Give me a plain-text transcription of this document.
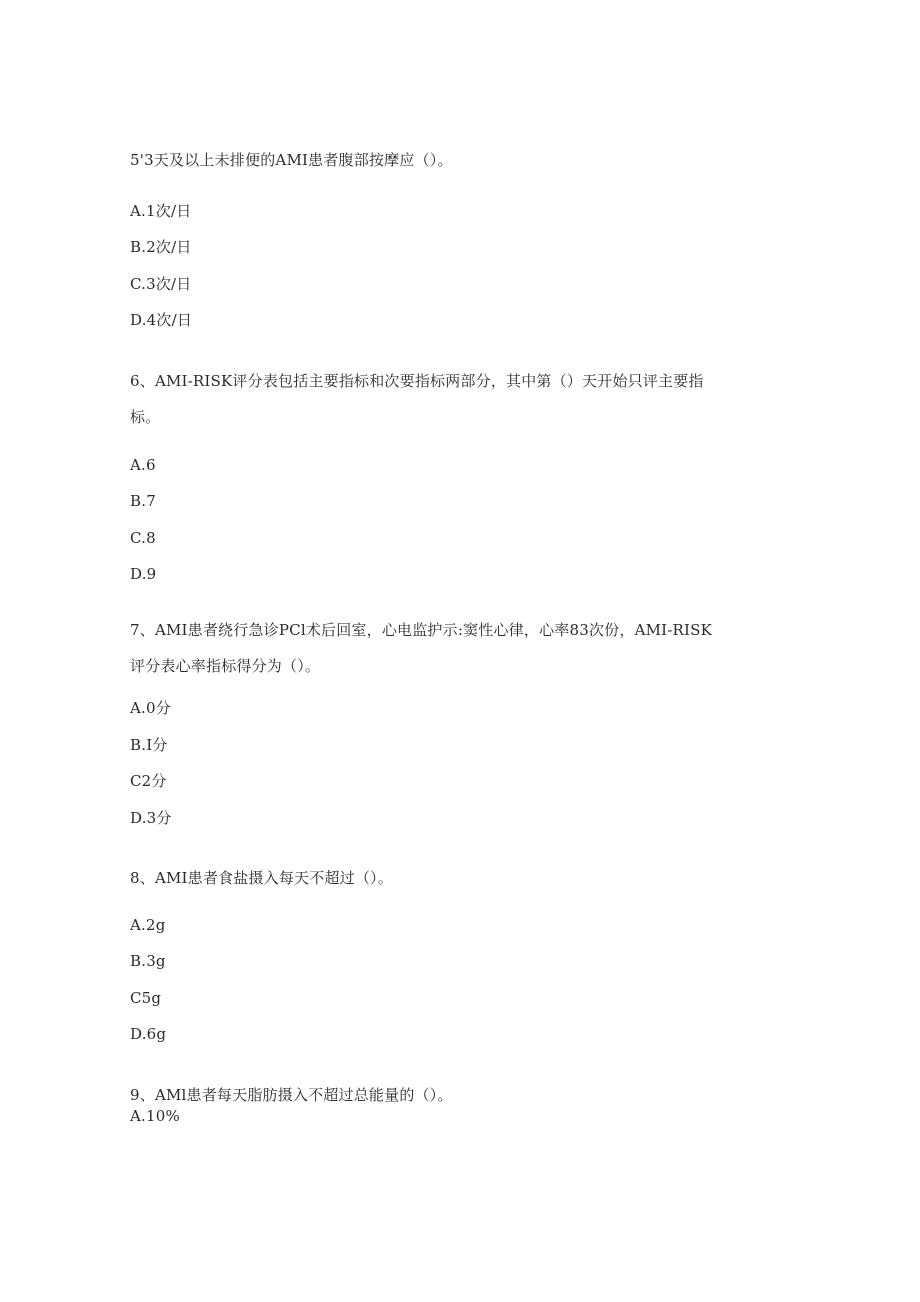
5'3天及以上未排便的AMI患者腹部按摩应（）。
A.1次/日
B.2次/日
C.3次/日
D.4次/日
6、AMI-RISK评分表包括主要指标和次要指标两部分，其中第（）天开始只评主要指
标。
A.6
B.7
C.8
D.9
7、AMI患者绕行急诊PCl术后回室，心电监护示:窦性心律，心率83次份，AMI-RISK
评分表心率指标得分为（）。
A.0分
B.I分
C2分
D.3分
8、AMI患者食盐摄入每天不超过（）。
A.2g
B.3g
C5g
D.6g
9、AMl患者每天脂肪摄入不超过总能量的（）。
A.10%
